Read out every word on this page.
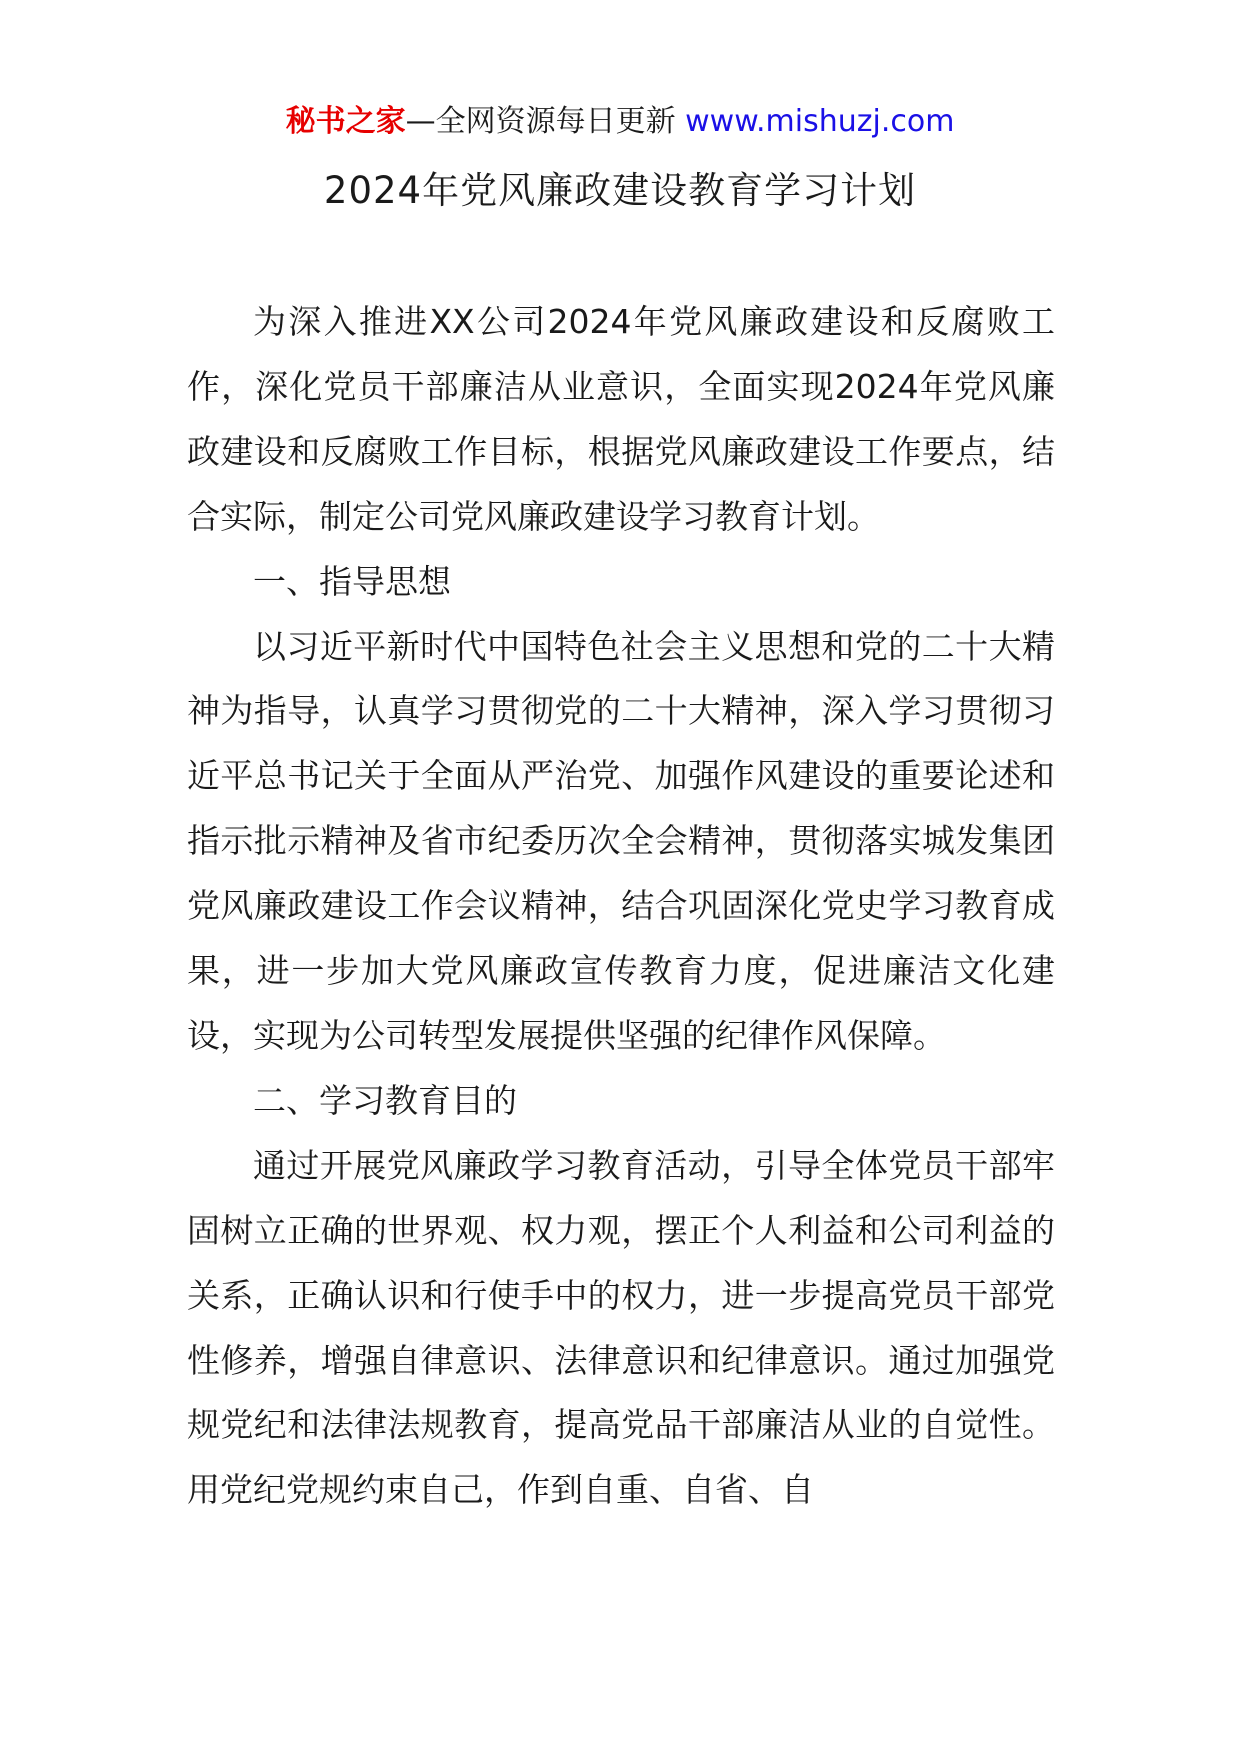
秘书之家—全网资源每日更新 www.mishuzj.com
2024年党风廉政建设教育学习计划

为深入推进XX公司2024年党风廉政建设和反腐败工作，深化党员干部廉洁从业意识，全面实现2024年党风廉政建设和反腐败工作目标，根据党风廉政建设工作要点，结合实际，制定公司党风廉政建设学习教育计划。

一、指导思想

以习近平新时代中国特色社会主义思想和党的二十大精神为指导，认真学习贯彻党的二十大精神，深入学习贯彻习近平总书记关于全面从严治党、加强作风建设的重要论述和指示批示精神及省市纪委历次全会精神，贯彻落实城发集团党风廉政建设工作会议精神，结合巩固深化党史学习教育成果，进一步加大党风廉政宣传教育力度，促进廉洁文化建设，实现为公司转型发展提供坚强的纪律作风保障。

二、学习教育目的

通过开展党风廉政学习教育活动，引导全体党员干部牢固树立正确的世界观、权力观，摆正个人利益和公司利益的关系，正确认识和行使手中的权力，进一步提高党员干部党性修养，增强自律意识、法律意识和纪律意识。通过加强党规党纪和法律法规教育，提高党品干部廉洁从业的自觉性。用党纪党规约束自己，作到自重、自省、自
